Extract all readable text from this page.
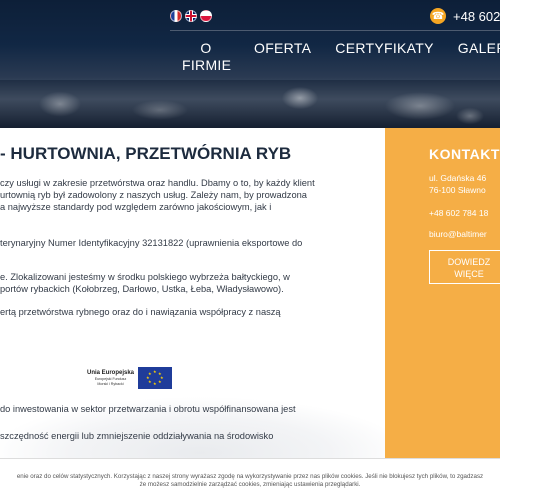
☎ +48 602
O
FIRMIE
OFERTA	CERTYFIKATY	GALERIA
- HURTOWNIA, PRZETWÓRNIA RYB
czy usługi w zakresie przetwórstwa oraz handlu. Dbamy o to, by każdy klient
urtownią ryb był zadowolony z naszych usług. Zależy nam, by prowadzona
a najwyższe standardy pod względem zarówno jakościowym, jak i
terynaryjny Numer Identyfikacyjny 32131822 (uprawnienia eksportowe do
e. Zlokalizowani jesteśmy w środku polskiego wybrzeża bałtyckiego, w
portów rybackich (Kołobrzeg, Darłowo, Ustka, Łeba, Władysławowo).
ertą przetwórstwa rybnego oraz do i nawiązania współpracy z naszą
Unia Europejska
Europejski Fundusz
Morski i Rybacki
★ ★
★
★
★
★
★
★
do inwestowania w sektor przetwarzania i obrotu współfinansowana jest
szczędność energii lub zmniejszenie oddziaływania na środowisko
KONTAKT
ul. Gdańska 46
76-100 Sławno
+48 602 784 18
biuro@baltimer
DOWIEDZ
WIĘCE
enie oraz do celów statystycznych. Korzystając z naszej strony wyrażasz zgodę na wykorzystywanie przez nas plików cookies. Jeśli nie blokujesz tych plików, to zgadzasz
że możesz samodzielnie zarządzać cookies, zmieniając ustawienia przeglądarki.
